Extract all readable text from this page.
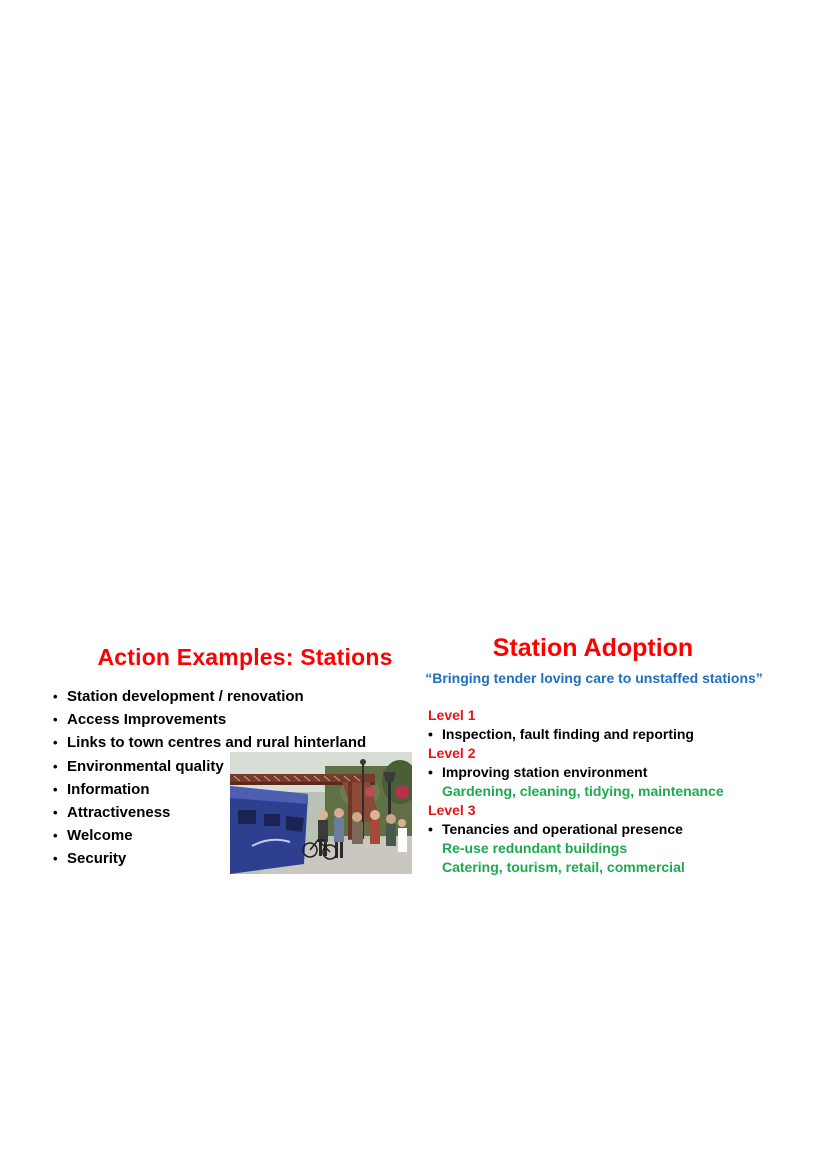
Action Examples: Stations
• Station development / renovation
• Access Improvements
• Links to town centres and rural hinterland
• Environmental quality
• Information
• Attractiveness
• Welcome
• Security
Station Adoption
“Bringing tender loving care to unstaffed stations”
Level 1
• Inspection, fault finding and reporting
Level 2
• Improving station environment
Gardening, cleaning, tidying, maintenance
Level 3
• Tenancies and operational presence
Re-use redundant buildings
Catering, tourism, retail, commercial
